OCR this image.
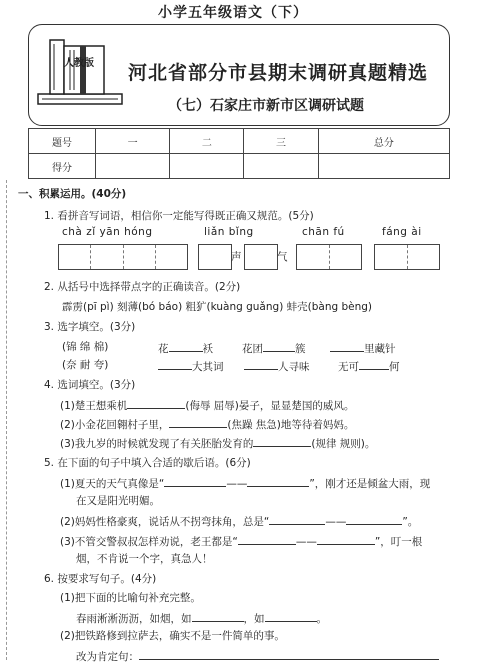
小学五年级语文（下）
人教版 河北省部分市县期末调研真题精选
（七）石家庄市新市区调研试题
题号	一	二	三	总分
得分				
一、积累运用。(40分)
1. 看拼音写词语，相信你一定能写得既正确又规范。(5分)
chà zǐ yān hóng	liǎn bǐng	chān fú	fáng ài
声	气
2. 从括号中选择带点字的正确读音。(2分)
霹雳(pī pì) 刻薄(bó báo) 粗犷(kuàng guǎng) 蚌壳(bàng bèng)
3. 选字填空。(3分)
(锦 绵 棉)	花	袄	花团	簇	里藏针
(奈 耐 夸)	大其词	人寻味	无可	何
4. 选词填空。(3分)
(1)楚王想乘机	(侮辱 屈辱)晏子，显显楚国的威风。
(2)小金花回翱村子里，	(焦躁 焦急)地等待着妈妈。
(3)我九岁的时候就发现了有关胚胎发育的	(规律 规则)。
5. 在下面的句子中填入合适的歇后语。(6分)
(1)夏天的天气真像是“	——	”，刚才还是倾盆大雨，现
在又是阳光明媚。
(2)妈妈性格豪爽，说话从不拐弯抹角，总是“	——	”。
(3)不管交警叔叔怎样劝说，老王都是“	——	”，叮一根
烟，不肯说一个字，真急人！
6. 按要求写句子。(4分)
(1)把下面的比喻句补充完整。
春雨淅淅沥沥，如烟，如	，如	。
(2)把铁路修到拉萨去，确实不是一件简单的事。
改为肯定句：
